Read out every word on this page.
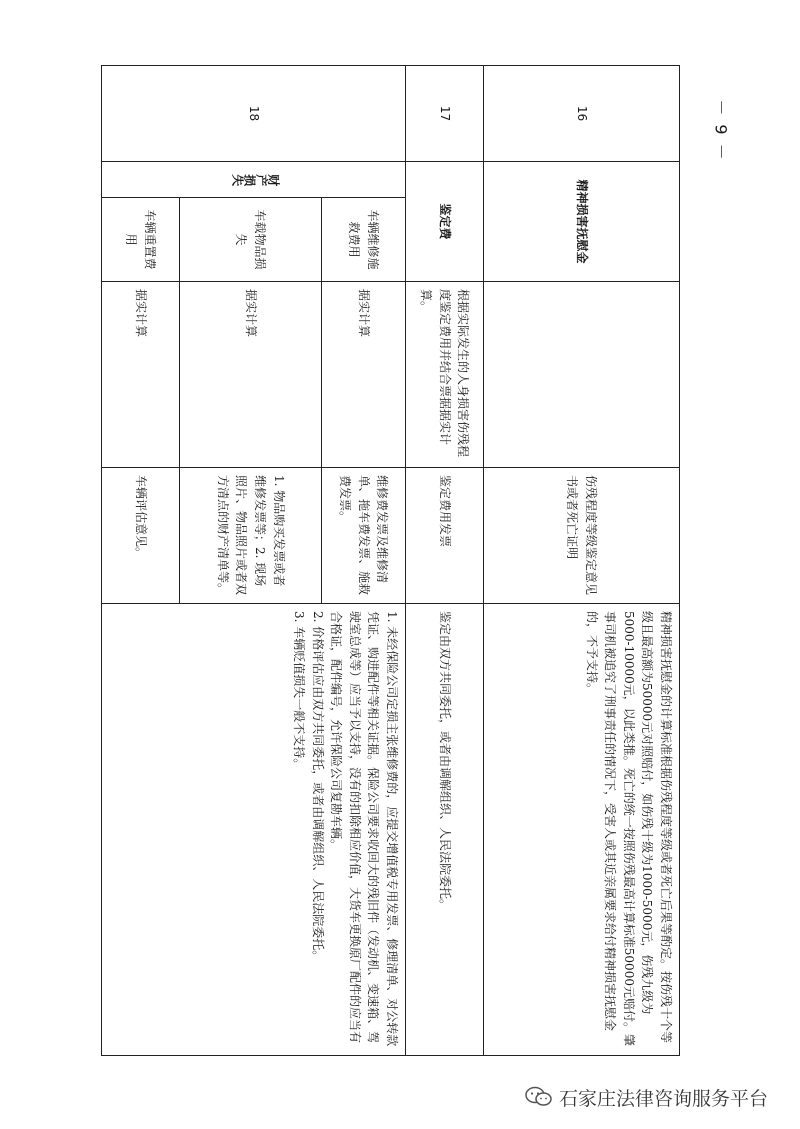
－ 9 －
16	精神损害抚慰金			伤残程度等级鉴定意见书或者死亡证明	精神损害抚慰金的计算标准根据伤残程度等级或者死亡后果等酌定。按伤残十个等级且最高额为50000元对照赔付，如伤残十级为1000-5000元，伤残九级为5000-10000元，以此类推。死亡的统一按照伤残最高计算标准50000元赔付。肇事司机被追究了刑事责任的情况下，受害人或其近亲属要求给付精神损害抚慰金的，不予支持。
17	鉴定费		根据实际发生的人身损害伤残程度鉴定费用并结合票据据实计算。	鉴定费用发票	鉴定由双方共同委托，或者由调解组织、人民法院委托。
18	财产损失	车辆维修施救费用	据实计算	维修费发票及维修清单、拖车费发票、施救费发票。	1. 未经保险公司定损主张维修费的，应提交增值税专用发票、修理清单、对公转款凭证、购进配件等相关证据。保险公司要求收回大的残旧件（发动机、变速箱、驾驶室总成等）应当予以支持，没有的扣除相应价值，大货车更换原厂配件的应当有合格证，配件编号，允许保险公司复勘车辆。
2. 价格评估应由双方共同委托，或者由调解组织、人民法院委托。
3. 车辆贬值损失一般不支持。

		车载物品损失	据实计算	1. 物品购买发票或者维修发票等；2. 现场照片、物品照片或者双方清点的财产清单等。	
		车辆重置费用	据实计算	车辆评估意见。	
石家庄法律咨询服务平台
